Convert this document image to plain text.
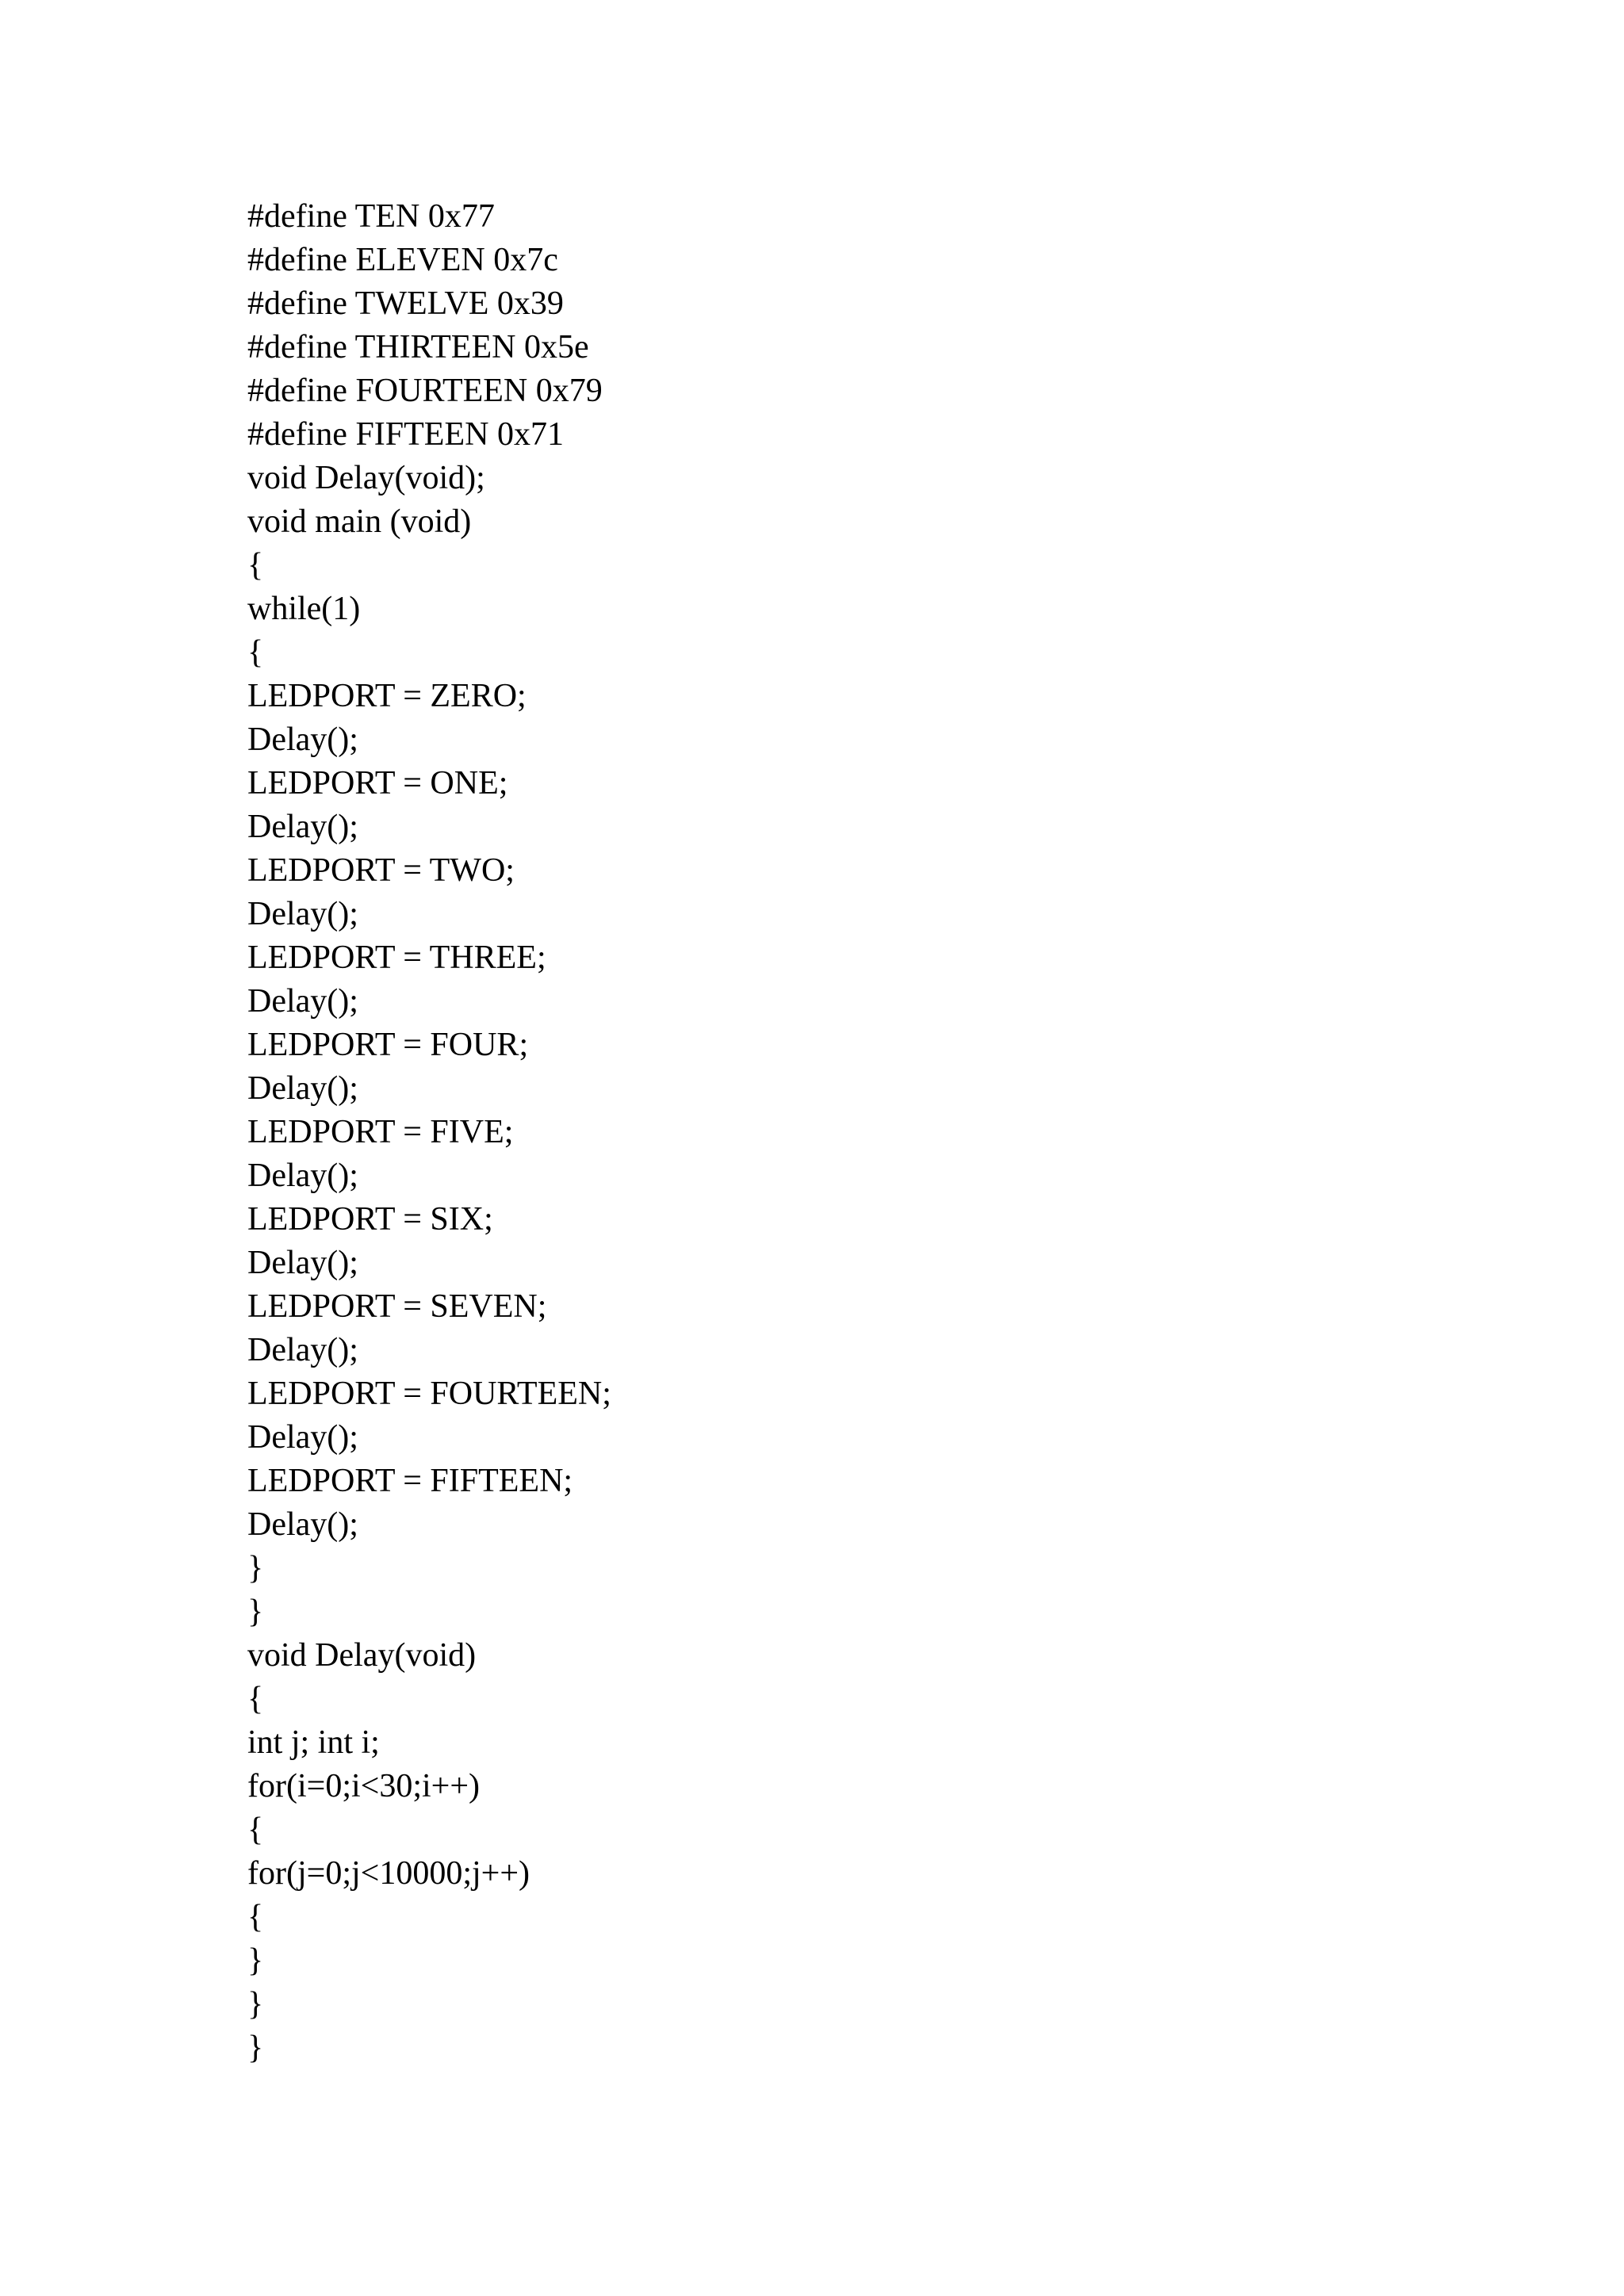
#define TEN 0x77
#define ELEVEN 0x7c
#define TWELVE 0x39
#define THIRTEEN 0x5e
#define FOURTEEN 0x79
#define FIFTEEN 0x71
void Delay(void);
void main (void)
{
while(1)
{
LEDPORT = ZERO;
Delay();
LEDPORT = ONE;
Delay();
LEDPORT = TWO;
Delay();
LEDPORT = THREE;
Delay();
LEDPORT = FOUR;
Delay();
LEDPORT = FIVE;
Delay();
LEDPORT = SIX;
Delay();
LEDPORT = SEVEN;
Delay();
LEDPORT = FOURTEEN;
Delay();
LEDPORT = FIFTEEN;
Delay();
}
}
void Delay(void)
{
int j; int i;
for(i=0;i<30;i++)
{
for(j=0;j<10000;j++)
{
}
}
}
